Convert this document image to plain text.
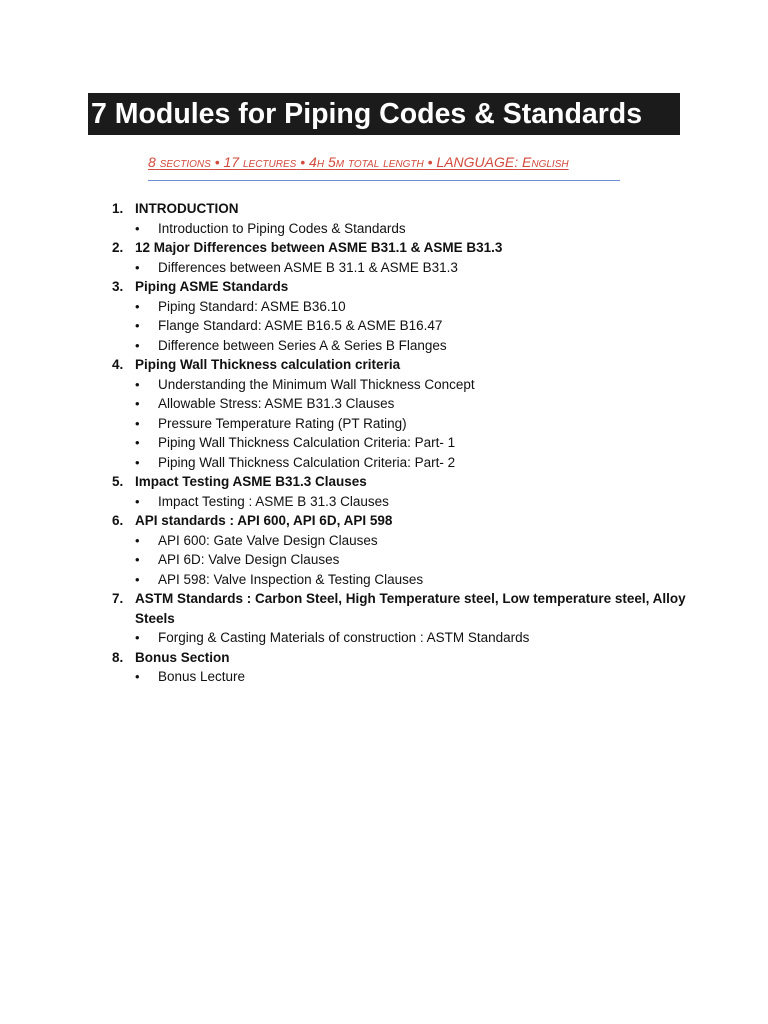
7 Modules for Piping Codes & Standards
8 sections • 17 lectures • 4h 5m total length • LANGUAGE: English
1. INTRODUCTION
•	Introduction to Piping Codes & Standards
2. 12 Major Differences between ASME B31.1 & ASME B31.3
•	Differences between ASME B 31.1 & ASME B31.3
3. Piping ASME Standards
•	Piping Standard: ASME B36.10
•	Flange Standard: ASME B16.5 & ASME B16.47
•	Difference between Series A & Series B Flanges
4. Piping Wall Thickness calculation criteria
•	Understanding the Minimum Wall Thickness Concept
•	Allowable Stress: ASME B31.3 Clauses
•	Pressure Temperature Rating (PT Rating)
•	Piping Wall Thickness Calculation Criteria: Part- 1
•	Piping Wall Thickness Calculation Criteria: Part- 2
5. Impact Testing ASME B31.3 Clauses
•	Impact Testing : ASME B 31.3 Clauses
6. API standards : API 600, API 6D, API 598
•	API 600: Gate Valve Design Clauses
•	API 6D: Valve Design Clauses
•	API 598: Valve Inspection & Testing Clauses
7. ASTM Standards : Carbon Steel, High Temperature steel, Low temperature steel, Alloy Steels
•	Forging & Casting Materials of construction : ASTM Standards
8. Bonus Section
•	Bonus Lecture
